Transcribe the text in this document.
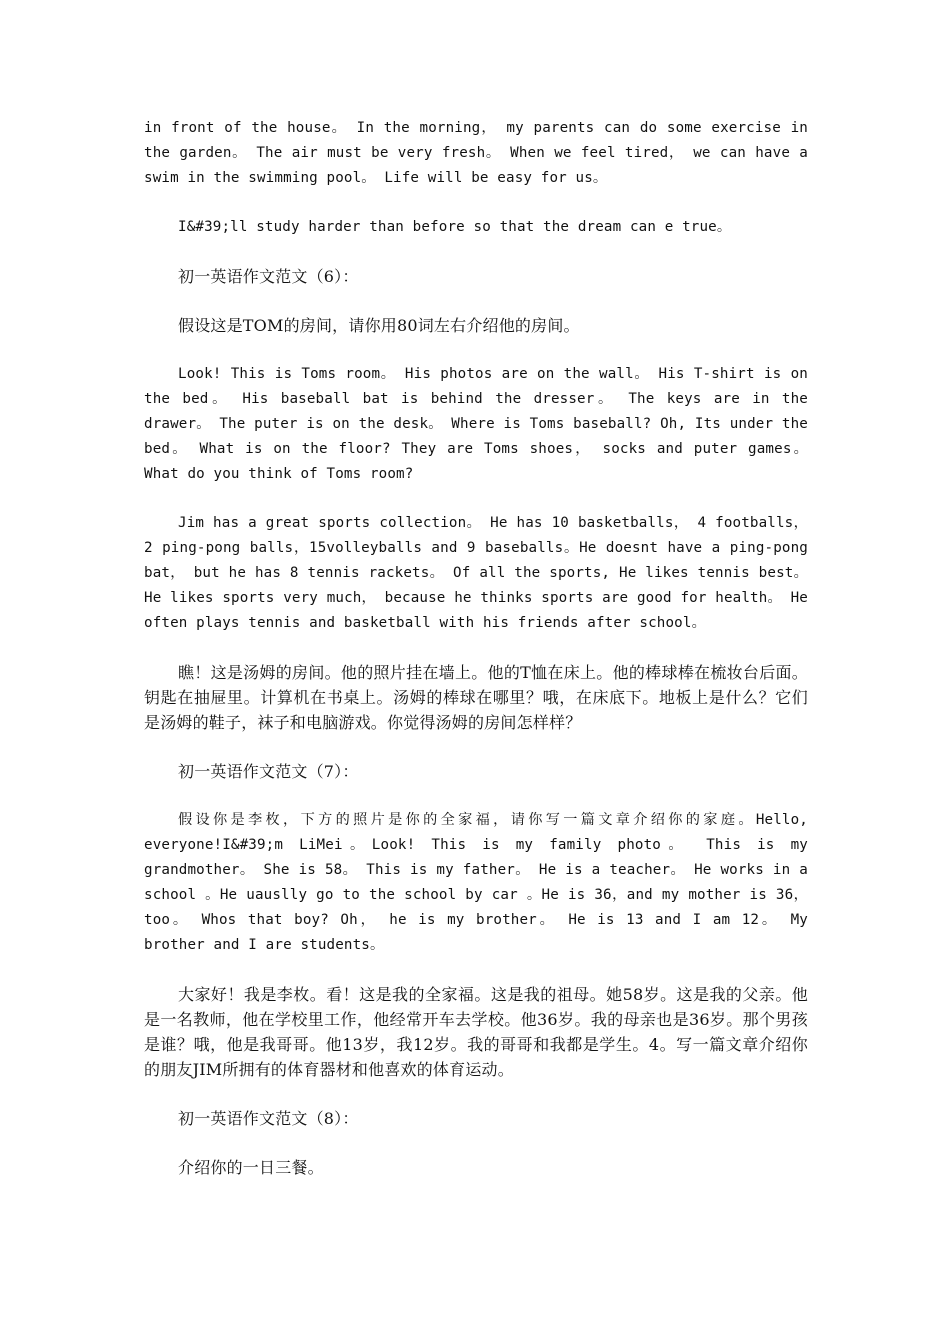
in front of the house。 In the morning， my parents can do some exercise in the garden。 The air must be very fresh。 When we feel tired， we can have a swim in the swimming pool。 Life will be easy for us。

I&#39;ll study harder than before so that the dream can e true。

初一英语作文范文（6）：

假设这是TOM的房间，请你用80词左右介绍他的房间。

Look! This is Toms room。 His photos are on the wall。 His T-shirt is on the bed。 His baseball bat is behind the dresser。 The keys are in the drawer。 The puter is on the desk。 Where is Toms baseball? Oh, Its under the bed。 What is on the floor? They are Toms shoes， socks and puter games。 What do you think of Toms room?

Jim has a great sports collection。 He has 10 basketballs， 4 footballs，2 ping-pong balls，15volleyballs and 9 baseballs。He doesnt have a ping-pong bat， but he has 8 tennis rackets。 Of all the sports, He likes tennis best。 He likes sports very much， because he thinks sports are good for health。 He often plays tennis and basketball with his friends after school。

瞧！这是汤姆的房间。他的照片挂在墙上。他的T恤在床上。他的棒球棒在梳妆台后面。钥匙在抽屉里。计算机在书桌上。汤姆的棒球在哪里？哦，在床底下。地板上是什么？它们是汤姆的鞋子，袜子和电脑游戏。你觉得汤姆的房间怎样样？

初一英语作文范文（7）：

假设你是李枚，下方的照片是你的全家福，请你写一篇文章介绍你的家庭。Hello, everyone!I&#39;m LiMei。Look! This is my family photo。 This is my grandmother。 She is 58。 This is my father。 He is a teacher。 He works in a school 。He uauslly go to the school by car 。He is 36，and my mother is 36， too。 Whos that boy? Oh， he is my brother。 He is 13 and I am 12。 My brother and I are students。

大家好！我是李枚。看！这是我的全家福。这是我的祖母。她58岁。这是我的父亲。他是一名教师，他在学校里工作，他经常开车去学校。他36岁。我的母亲也是36岁。那个男孩是谁？哦，他是我哥哥。他13岁，我12岁。我的哥哥和我都是学生。4。写一篇文章介绍你的朋友JIM所拥有的体育器材和他喜欢的体育运动。

初一英语作文范文（8）：

介绍你的一日三餐。
